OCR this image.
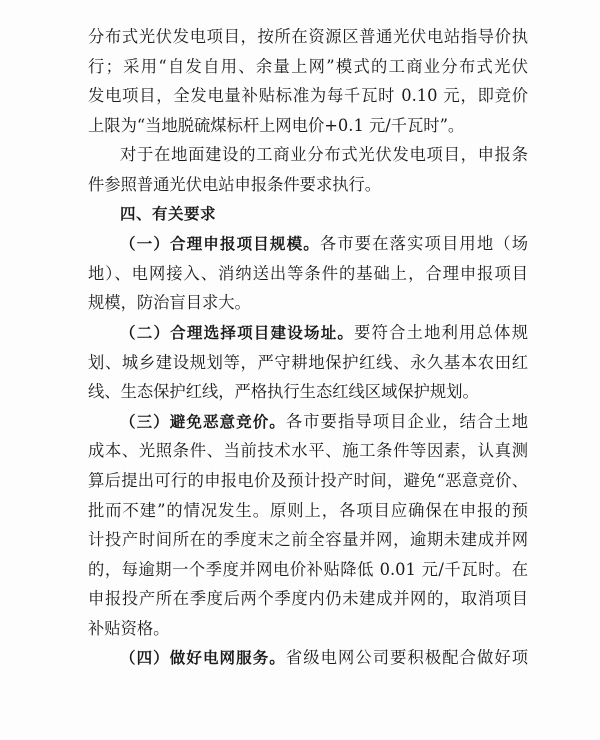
分布式光伏发电项目，按所在资源区普通光伏电站指导价执
行；采用“自发自用、余量上网”模式的工商业分布式光伏
发电项目，全发电量补贴标准为每千瓦时 0.10 元，即竞价
上限为“当地脱硫煤标杆上网电价+0.1 元/千瓦时”。
对于在地面建设的工商业分布式光伏发电项目，申报条
件参照普通光伏电站申报条件要求执行。
四、有关要求
（一）合理申报项目规模。各市要在落实项目用地（场
地）、电网接入、消纳送出等条件的基础上，合理申报项目
规模，防治盲目求大。
（二）合理选择项目建设场址。要符合土地利用总体规
划、城乡建设规划等，严守耕地保护红线、永久基本农田红
线、生态保护红线，严格执行生态红线区域保护规划。
（三）避免恶意竞价。各市要指导项目企业，结合土地
成本、光照条件、当前技术水平、施工条件等因素，认真测
算后提出可行的申报电价及预计投产时间，避免“恶意竞价、
批而不建”的情况发生。原则上，各项目应确保在申报的预
计投产时间所在的季度末之前全容量并网，逾期未建成并网
的，每逾期一个季度并网电价补贴降低 0.01 元/千瓦时。在
申报投产所在季度后两个季度内仍未建成并网的，取消项目
补贴资格。
（四）做好电网服务。省级电网公司要积极配合做好项
